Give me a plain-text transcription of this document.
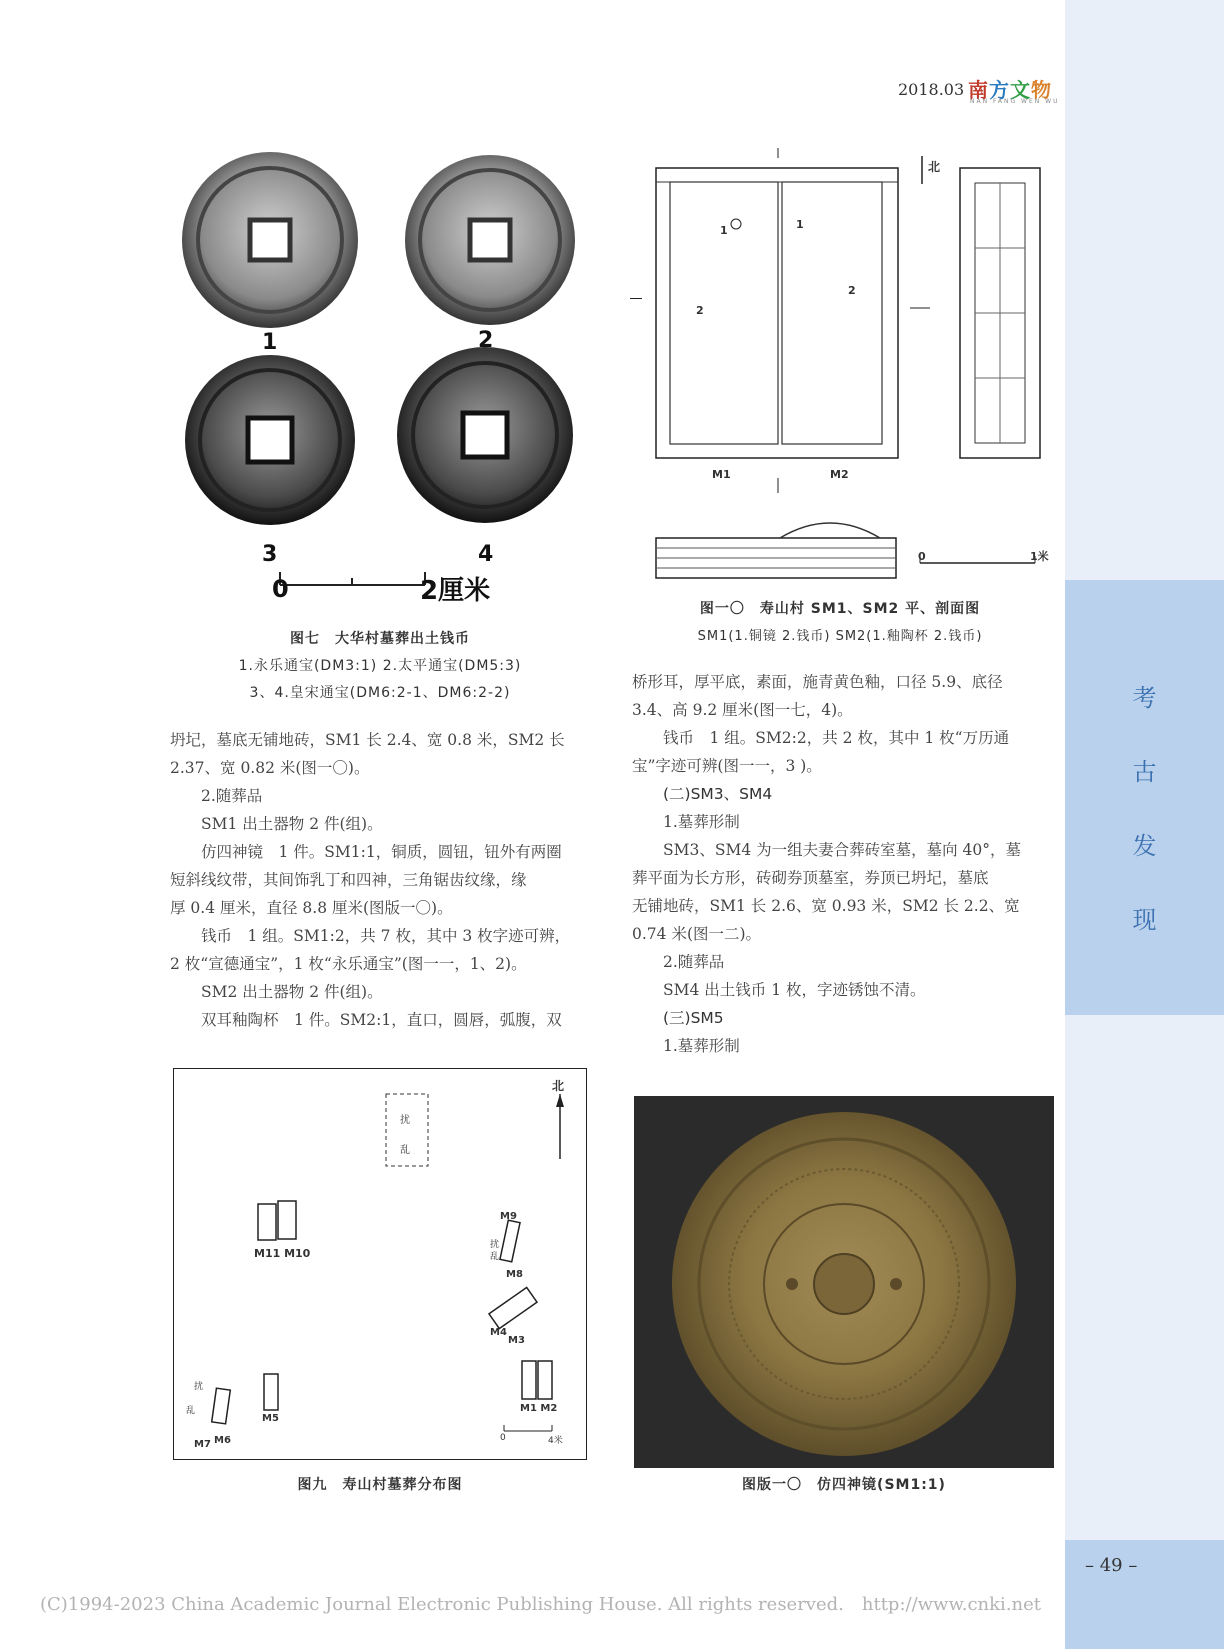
考
古
发
现
– 49 –
2018.03 南方文物
NAN FANG WEN WU
1	2
3	4
0	2厘米
图七　大华村墓葬出土钱币
1.永乐通宝(DM3:1) 2.太平通宝(DM5:3)
3、4.皇宋通宝(DM6:2-1、DM6:2-2)
北
1	1
2
2
M1	M2
0	1米
图一〇　寿山村 SM1、SM2 平、剖面图
SM1(1.铜镜 2.钱币) SM2(1.釉陶杯 2.钱币)
坍圮，墓底无铺地砖，SM1 长 2.4、宽 0.8 米，SM2 长
2.37、宽 0.82 米(图一〇)。
2.随葬品
SM1 出土器物 2 件(组)。
仿四神镜　1 件。SM1:1，铜质，圆钮，钮外有两圈
短斜线纹带，其间饰乳丁和四神，三角锯齿纹缘，缘
厚 0.4 厘米，直径 8.8 厘米(图版一〇)。
钱币　1 组。SM1:2，共 7 枚，其中 3 枚字迹可辨，
2 枚“宣德通宝”，1 枚“永乐通宝”(图一一，1、2)。
SM2 出土器物 2 件(组)。
双耳釉陶杯　1 件。SM2:1，直口，圆唇，弧腹，双
桥形耳，厚平底，素面，施青黄色釉，口径 5.9、底径
3.4、高 9.2 厘米(图一七，4)。
钱币　1 组。SM2:2，共 2 枚，其中 1 枚“万历通
宝”字迹可辨(图一一，3 )。
(二)SM3、SM4
1.墓葬形制
SM3、SM4 为一组夫妻合葬砖室墓，墓向 40°，墓
葬平面为长方形，砖砌券顶墓室，券顶已坍圮，墓底
无铺地砖，SM1 长 2.6、宽 0.93 米，SM2 长 2.2、宽
0.74 米(图一二)。
2.随葬品
SM4 出土钱币 1 枚，字迹锈蚀不清。
(三)SM5
1.墓葬形制
北
扰
乱
M11 M10
M9
M8
扰
乱
M4
M3
M1 M2
M5
扰
乱
M7 M6	0	4米
图九　寿山村墓葬分布图	图版一〇　仿四神镜(SM1:1)
(C)1994-2023 China Academic Journal Electronic Publishing House. All rights reserved.　http://www.cnki.net
